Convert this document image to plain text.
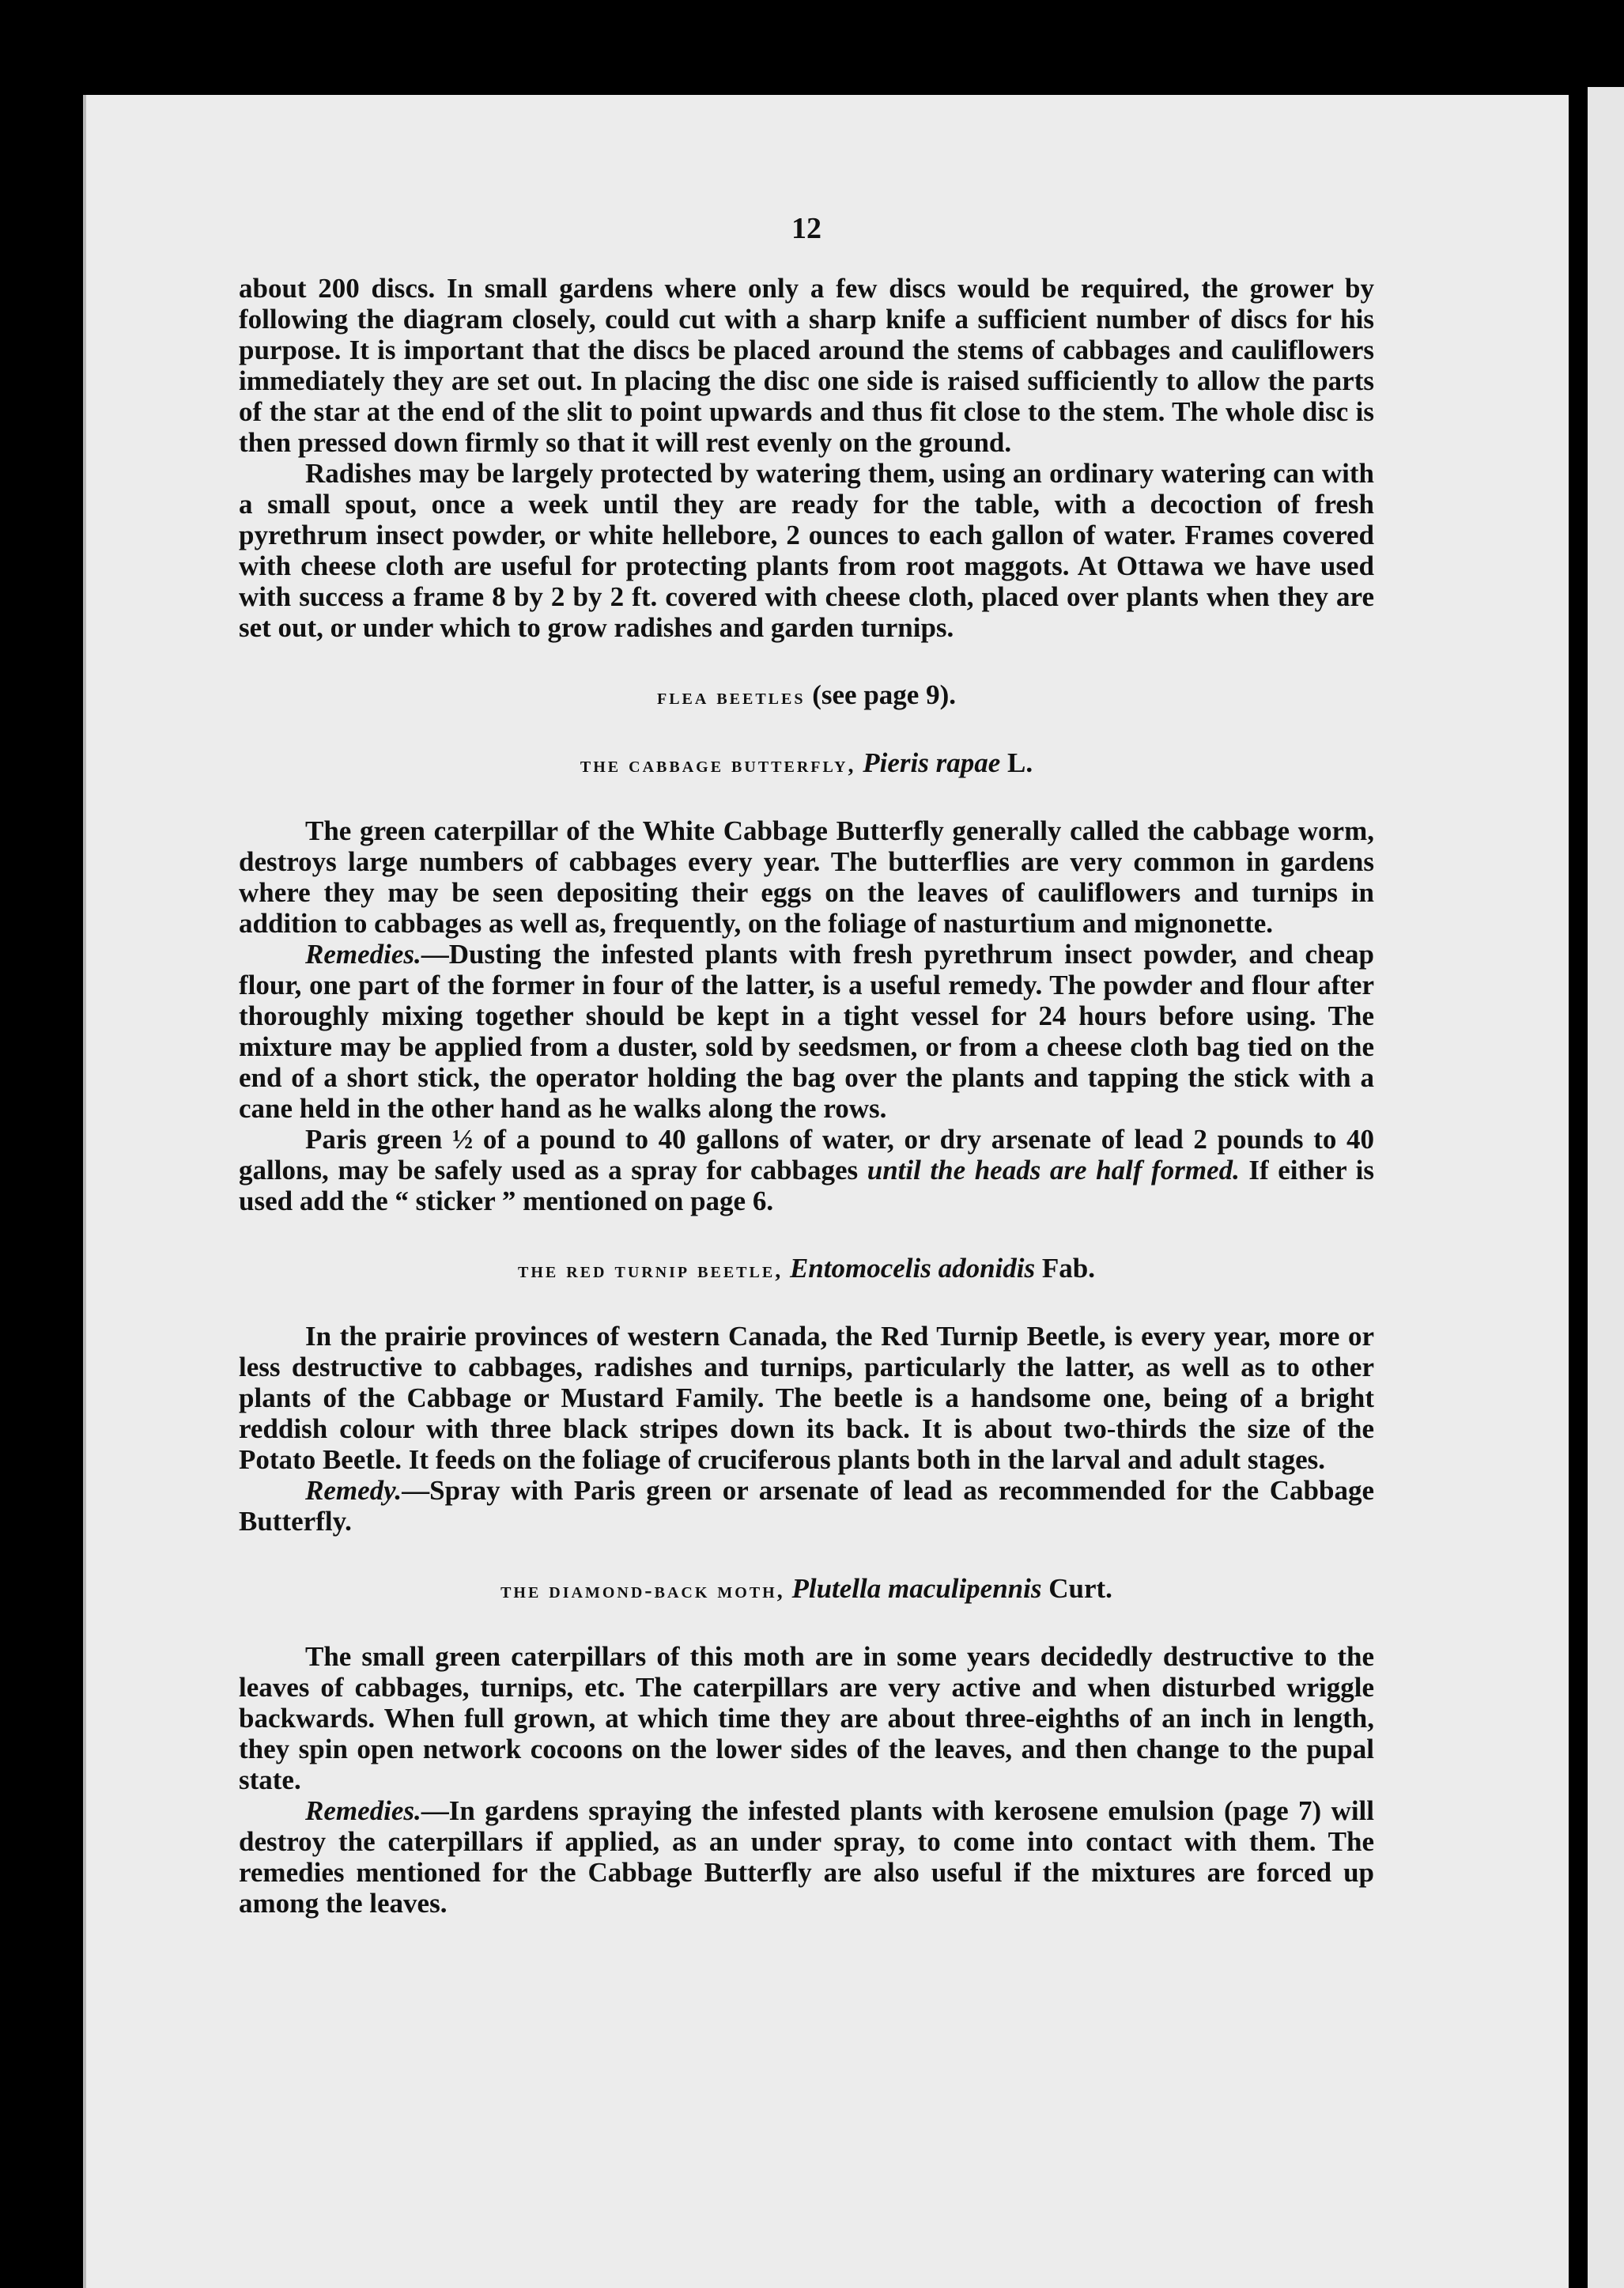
12

about 200 discs. In small gardens where only a few discs would be required, the grower by following the diagram closely, could cut with a sharp knife a sufficient number of discs for his purpose. It is important that the discs be placed around the stems of cabbages and cauliflowers immediately they are set out. In placing the disc one side is raised sufficiently to allow the parts of the star at the end of the slit to point upwards and thus fit close to the stem. The whole disc is then pressed down firmly so that it will rest evenly on the ground.

Radishes may be largely protected by watering them, using an ordinary watering can with a small spout, once a week until they are ready for the table, with a decoction of fresh pyrethrum insect powder, or white hellebore, 2 ounces to each gallon of water. Frames covered with cheese cloth are useful for protecting plants from root maggots. At Ottawa we have used with success a frame 8 by 2 by 2 ft. covered with cheese cloth, placed over plants when they are set out, or under which to grow radishes and garden turnips.

flea beetles (see page 9).
the cabbage butterfly, Pieris rapae L.

The green caterpillar of the White Cabbage Butterfly generally called the cabbage worm, destroys large numbers of cabbages every year. The butterflies are very common in gardens where they may be seen depositing their eggs on the leaves of cauliflowers and turnips in addition to cabbages as well as, frequently, on the foliage of nasturtium and mignonette.

Remedies.—Dusting the infested plants with fresh pyrethrum insect powder, and cheap flour, one part of the former in four of the latter, is a useful remedy. The powder and flour after thoroughly mixing together should be kept in a tight vessel for 24 hours before using. The mixture may be applied from a duster, sold by seedsmen, or from a cheese cloth bag tied on the end of a short stick, the operator holding the bag over the plants and tapping the stick with a cane held in the other hand as he walks along the rows.

Paris green ½ of a pound to 40 gallons of water, or dry arsenate of lead 2 pounds to 40 gallons, may be safely used as a spray for cabbages until the heads are half formed. If either is used add the “ sticker ” mentioned on page 6.

the red turnip beetle, Entomocelis adonidis Fab.

In the prairie provinces of western Canada, the Red Turnip Beetle, is every year, more or less destructive to cabbages, radishes and turnips, particularly the latter, as well as to other plants of the Cabbage or Mustard Family. The beetle is a handsome one, being of a bright reddish colour with three black stripes down its back. It is about two-thirds the size of the Potato Beetle. It feeds on the foliage of cruciferous plants both in the larval and adult stages.

Remedy.—Spray with Paris green or arsenate of lead as recommended for the Cabbage Butterfly.

the diamond-back moth, Plutella maculipennis Curt.

The small green caterpillars of this moth are in some years decidedly destructive to the leaves of cabbages, turnips, etc. The caterpillars are very active and when disturbed wriggle backwards. When full grown, at which time they are about three-eighths of an inch in length, they spin open network cocoons on the lower sides of the leaves, and then change to the pupal state.

Remedies.—In gardens spraying the infested plants with kerosene emulsion (page 7) will destroy the caterpillars if applied, as an under spray, to come into contact with them. The remedies mentioned for the Cabbage Butterfly are also useful if the mixtures are forced up among the leaves.
